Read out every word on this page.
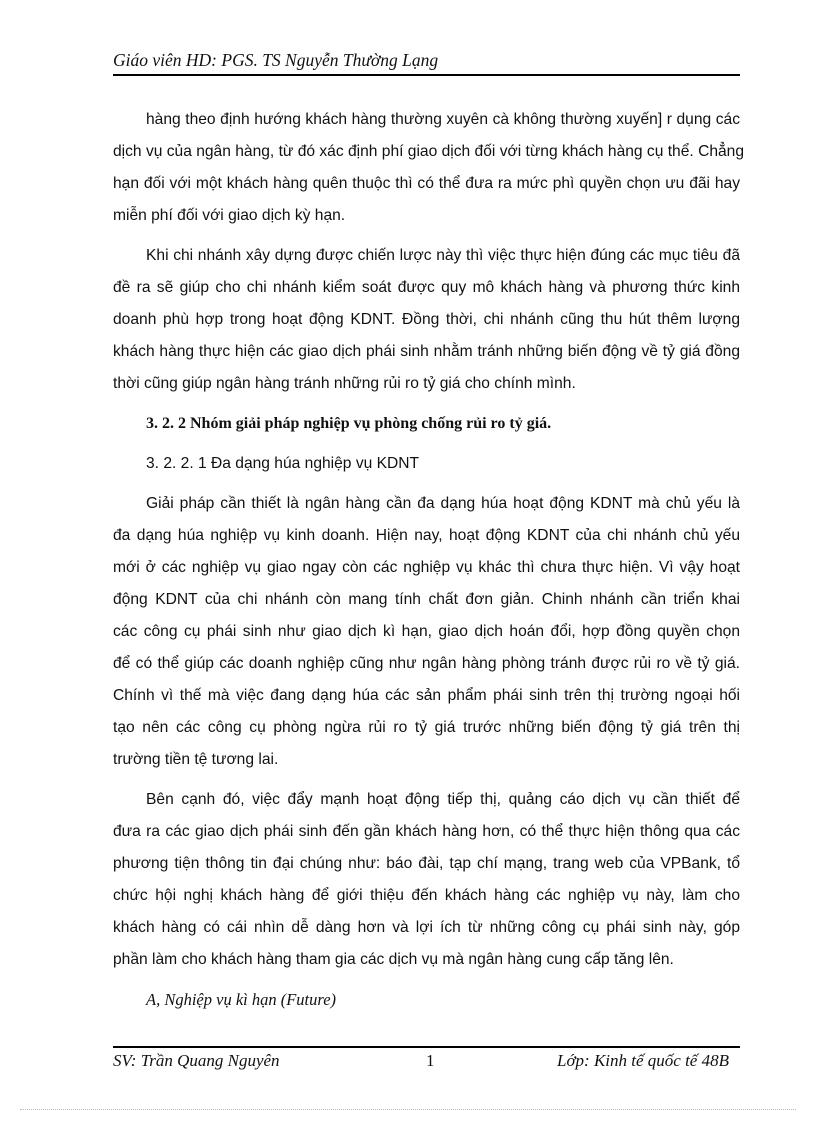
Giáo viên HD: PGS. TS Nguyễn Thường Lạng
hàng theo định hướng khách hàng thường xuyên cà không thường xuyến] r dụng các
dịch vụ của ngân hàng, từ đó xác định phí giao dịch đối với từng khách hàng cụ thể. Chẳng
hạn đối với một khách hàng quên thuộc thì có thể đưa ra mức phì quyền chọn ưu đãi hay
miễn phí đối với giao dịch kỳ hạn.
Khi chi nhánh xây dựng được chiến lược này thì việc thực hiện đúng các mục tiêu đã
đề ra sẽ giúp cho chi nhánh kiểm soát được quy mô khách hàng và phương thức kinh
doanh phù hợp trong hoạt động KDNT. Đồng thời, chi nhánh cũng thu hút thêm lượng
khách hàng thực hiện các giao dịch phái sinh nhằm tránh những biến động về tỷ giá đồng
thời cũng giúp ngân hàng tránh những rủi ro tỷ giá cho chính mình.
3. 2. 2 Nhóm giải pháp nghiệp vụ phòng chống rủi ro tỷ giá.
3. 2. 2. 1 Đa dạng húa nghiệp vụ KDNT
Giải pháp cần thiết là ngân hàng cần đa dạng húa hoạt động KDNT mà chủ yếu là
đa dạng húa nghiệp vụ kinh doanh. Hiện nay, hoạt động KDNT của chi nhánh chủ yếu
mới ở các nghiệp vụ giao ngay còn các nghiệp vụ khác thì chưa thực hiện. Vì vậy hoạt
động KDNT của chi nhánh còn mang tính chất đơn giản. Chinh nhánh cần triển khai
các công cụ phái sinh như giao dịch kì hạn, giao dịch hoán đổi, hợp đồng quyền chọn
để có thể giúp các doanh nghiệp cũng như ngân hàng phòng tránh được rủi ro về tỷ giá.
Chính vì thế mà việc đang dạng húa các sản phẩm phái sinh trên thị trường ngoại hối
tạo nên các công cụ phòng ngừa rủi ro tỷ giá trước những biến động tỷ giá trên thị
trường tiền tệ tương lai.
Bên cạnh đó, việc đẩy mạnh hoạt động tiếp thị, quảng cáo dịch vụ cần thiết để
đưa ra các giao dịch phái sinh đến gần khách hàng hơn, có thể thực hiện thông qua các
phương tiện thông tin đại chúng như: báo đài, tạp chí mạng, trang web của VPBank, tổ
chức hội nghị khách hàng để giới thiệu đến khách hàng các nghiệp vụ này, làm cho
khách hàng có cái nhìn dễ dàng hơn và lợi ích từ những công cụ phái sinh này, góp
phần làm cho khách hàng tham gia các dịch vụ mà ngân hàng cung cấp tăng lên.
A, Nghiệp vụ kì hạn (Future)
SV: Trần Quang Nguyên	1	Lớp: Kinh tế quốc tế 48B
